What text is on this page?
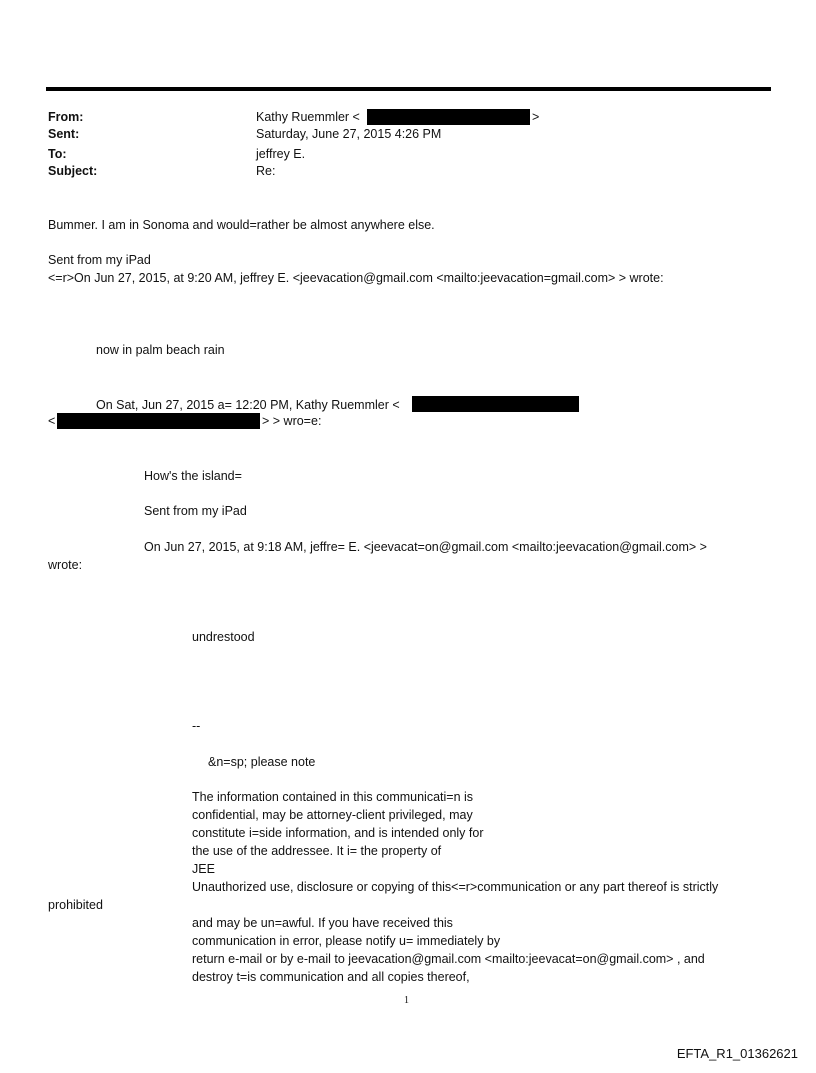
From:	Kathy Ruemmler <	>
Sent:	Saturday, June 27, 2015 4:26 PM
To:	jeffrey E.
Subject:	Re:
Bummer. I am in Sonoma and would=rather be almost anywhere else.
Sent from my iPad
<=r>On Jun 27, 2015, at 9:20 AM, jeffrey E. <jeevacation@gmail.com <mailto:jeevacation=gmail.com> > wrote:
now in palm beach rain
On Sat, Jun 27, 2015 a= 12:20 PM, Kathy Ruemmler <
<	> > wro=e:
How's the island=
Sent from my iPad
On Jun 27, 2015, at 9:18 AM, jeffre= E. <jeevacat=on@gmail.com <mailto:jeevacation@gmail.com> >
wrote:
undrestood
--
&n=sp; please note
The information contained in this communicati=n is
confidential, may be attorney-client privileged, may
constitute i=side information, and is intended only for
the use of the addressee. It i= the property of
JEE
Unauthorized use, disclosure or copying of this<=r>communication or any part thereof is strictly
prohibited
and may be un=awful. If you have received this
communication in error, please notify u= immediately by
return e-mail or by e-mail to jeevacation@gmail.com <mailto:jeevacat=on@gmail.com> , and
destroy t=is communication and all copies thereof,
1
EFTA_R1_01362621
